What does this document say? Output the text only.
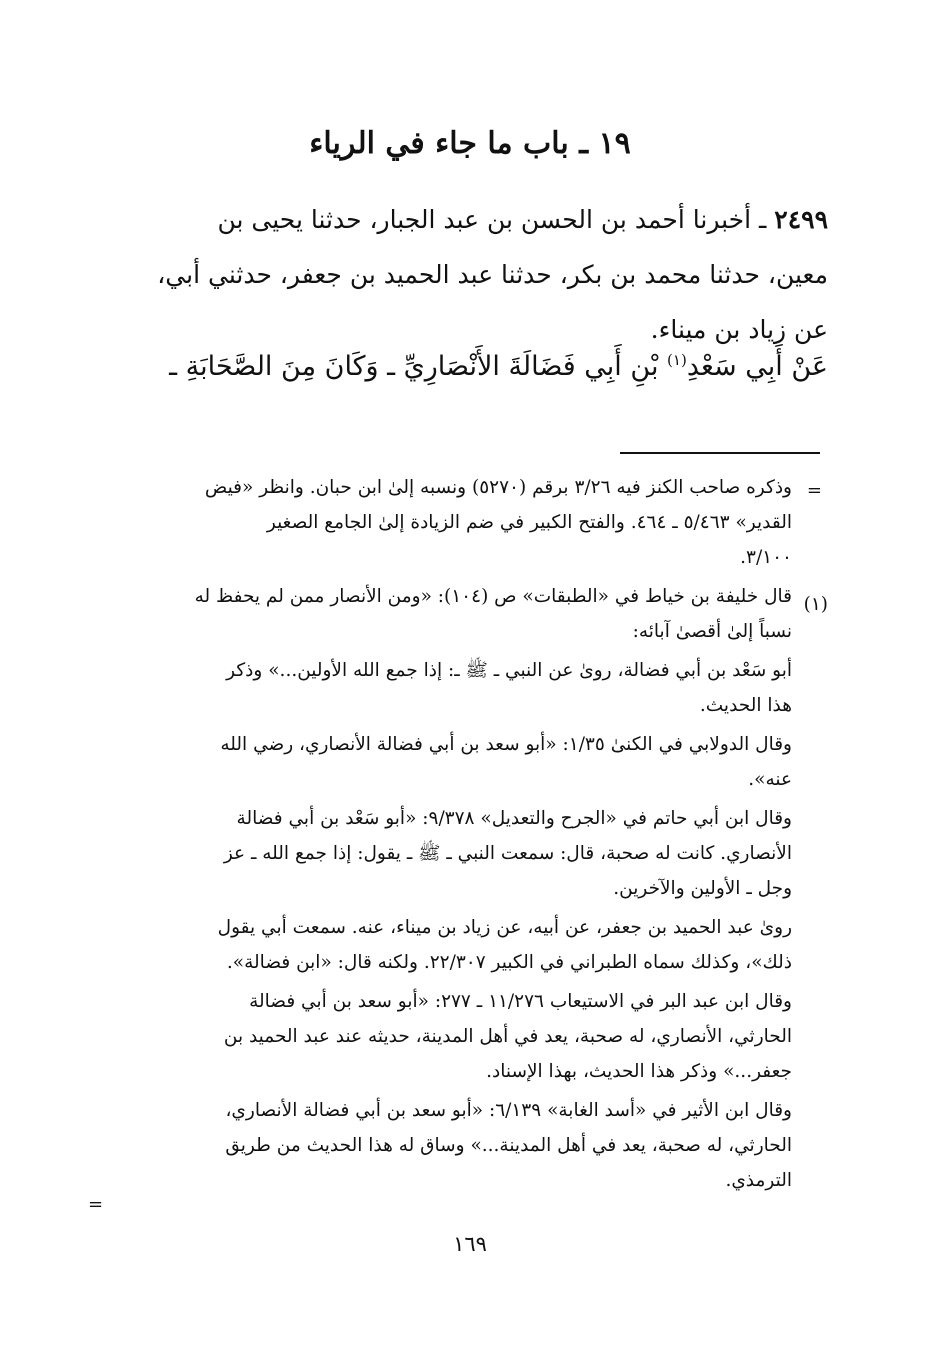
١٩ ـ باب ما جاء في الرياء
٢٤٩٩ ـ أخبرنا أحمد بن الحسن بن عبد الجبار، حدثنا يحيى بن
معين، حدثنا محمد بن بكر، حدثنا عبد الحميد بن جعفر، حدثني أبي،
عن زياد بن ميناء.
عَنْ أَبِي سَعْدِ$^{(١)}$ بْنِ أَبِي فَضَالَةَ الأَنْصَارِيِّ ـ وَكَانَ مِنَ الصَّحَابَةِ ـ
=
(١)
وذكره صاحب الكنز فيه ٣/٢٦ برقم (٥٢٧٠) ونسبه إلىٰ ابن حبان. وانظر «فيض
القدير» ٥/٤٦٣ ـ ٤٦٤. والفتح الكبير في ضم الزيادة إلىٰ الجامع الصغير
٣/١٠٠.
قال خليفة بن خياط في «الطبقات» ص (١٠٤): «ومن الأنصار ممن لم يحفظ له
نسباً إلىٰ أقصىٰ آبائه:
أبو سَعْد بن أبي فضالة، روىٰ عن النبي ـ ﷺ ـ: إذا جمع الله الأولين...» وذكر
هذا الحديث.
وقال الدولابي في الكنىٰ ١/٣٥: «أبو سعد بن أبي فضالة الأنصاري، رضي الله
عنه».
وقال ابن أبي حاتم في «الجرح والتعديل» ٩/٣٧٨: «أبو سَعْد بن أبي فضالة
الأنصاري. كانت له صحبة، قال: سمعت النبي ـ ﷺ ـ يقول: إذا جمع الله ـ عز
وجل ـ الأولين والآخرين.
روىٰ عبد الحميد بن جعفر، عن أبيه، عن زياد بن ميناء، عنه. سمعت أبي يقول
ذلك»، وكذلك سماه الطبراني في الكبير ٢٢/٣٠٧. ولكنه قال: «ابن فضالة».
وقال ابن عبد البر في الاستيعاب ١١/٢٧٦ ـ ٢٧٧: «أبو سعد بن أبي فضالة
الحارثي، الأنصاري، له صحبة، يعد في أهل المدينة، حديثه عند عبد الحميد بن
جعفر...» وذكر هذا الحديث، بهذا الإسناد.
وقال ابن الأثير في «أسد الغابة» ٦/١٣٩: «أبو سعد بن أبي فضالة الأنصاري،
الحارثي، له صحبة، يعد في أهل المدينة...» وساق له هذا الحديث من طريق
الترمذي.
=
١٦٩
